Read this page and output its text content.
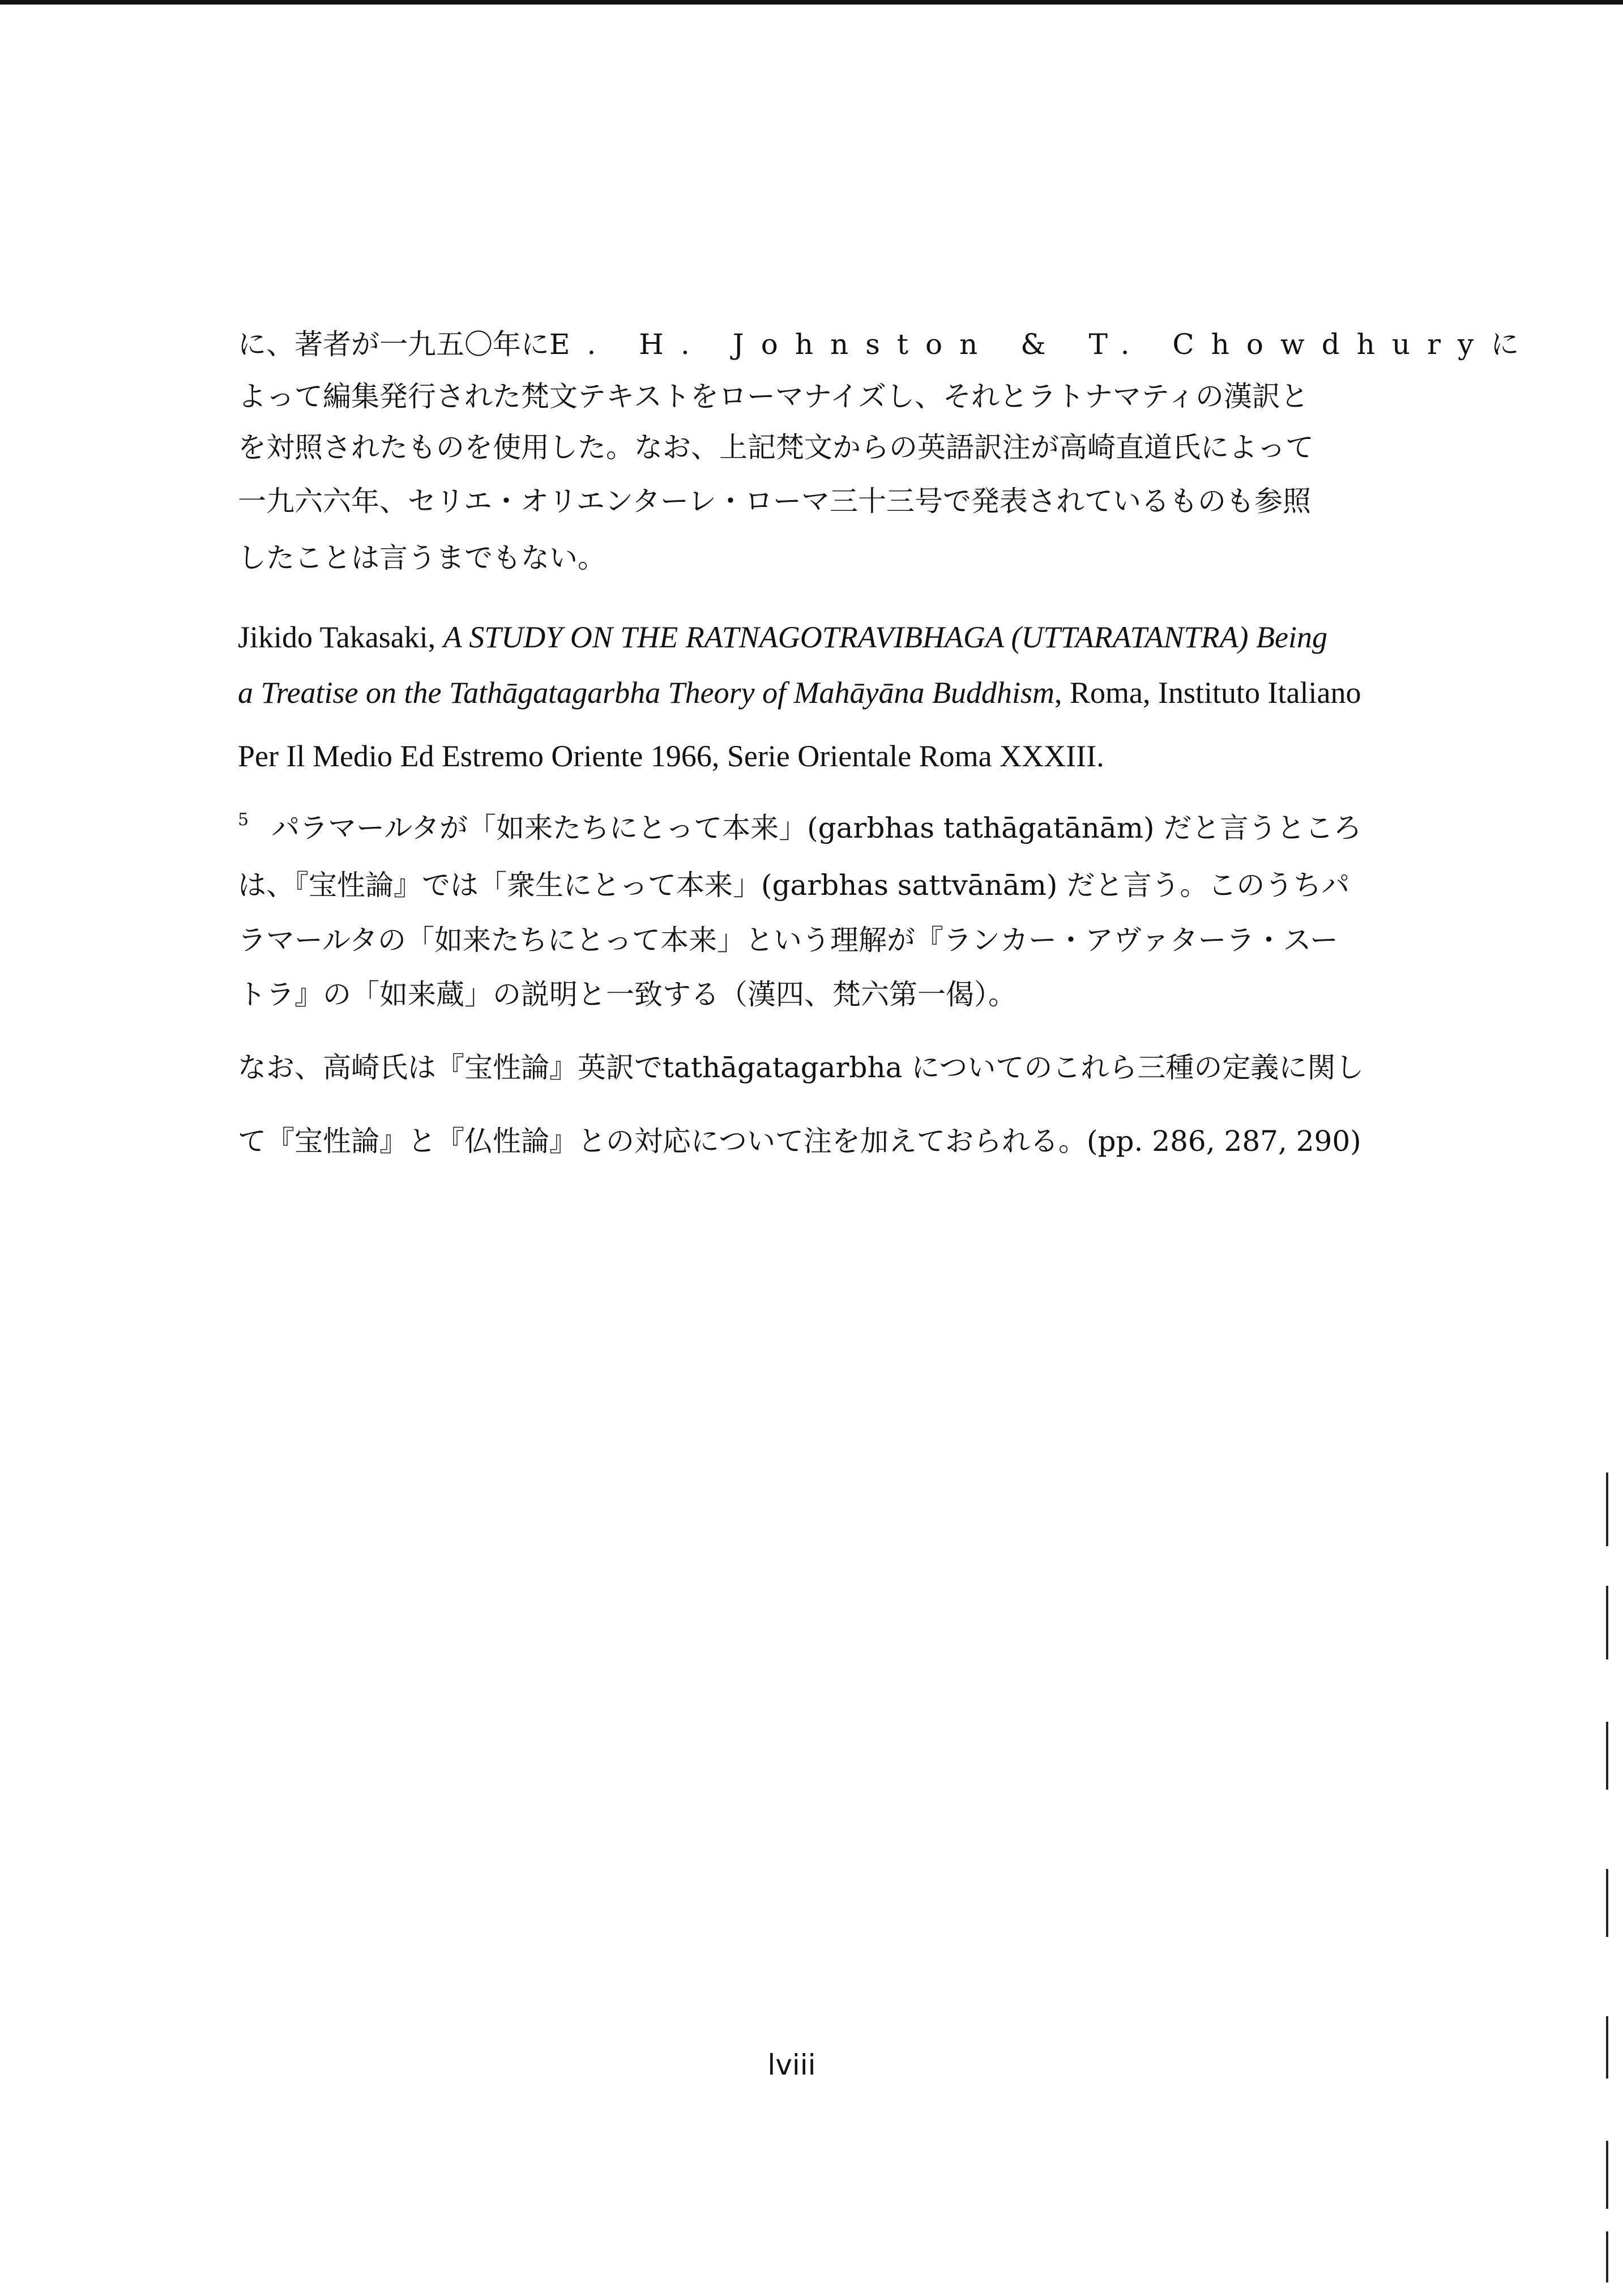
に、著者が一九五〇年にE. H. Johnston & T. Chowdhuryに
よって編集発行された梵文テキストをローマナイズし、それとラトナマティの漢訳と
を対照されたものを使用した。なお、上記梵文からの英語訳注が高崎直道氏によって
一九六六年、セリエ・オリエンターレ・ローマ三十三号で発表されているものも参照
したことは言うまでもない。
Jikido Takasaki, A STUDY ON THE RATNAGOTRAVIBHAGA (UTTARATANTRA) Being
a Treatise on the Tathāgatagarbha Theory of Mahāyāna Buddhism, Roma, Instituto Italiano
Per Il Medio Ed Estremo Oriente 1966, Serie Orientale Roma XXXIII.
$^5$ パラマールタが「如来たちにとって本来」(garbhas tathāgatānām) だと言うところ
は、『宝性論』では「衆生にとって本来」(garbhas sattvānām) だと言う。このうちパ
ラマールタの「如来たちにとって本来」という理解が『ランカー・アヴァターラ・スー
トラ』の「如来蔵」の説明と一致する（漢四、梵六第一偈）。
なお、高崎氏は『宝性論』英訳でtathāgatagarbha についてのこれら三種の定義に関し
て『宝性論』と『仏性論』との対応について注を加えておられる。(pp. 286, 287, 290)
lviii
